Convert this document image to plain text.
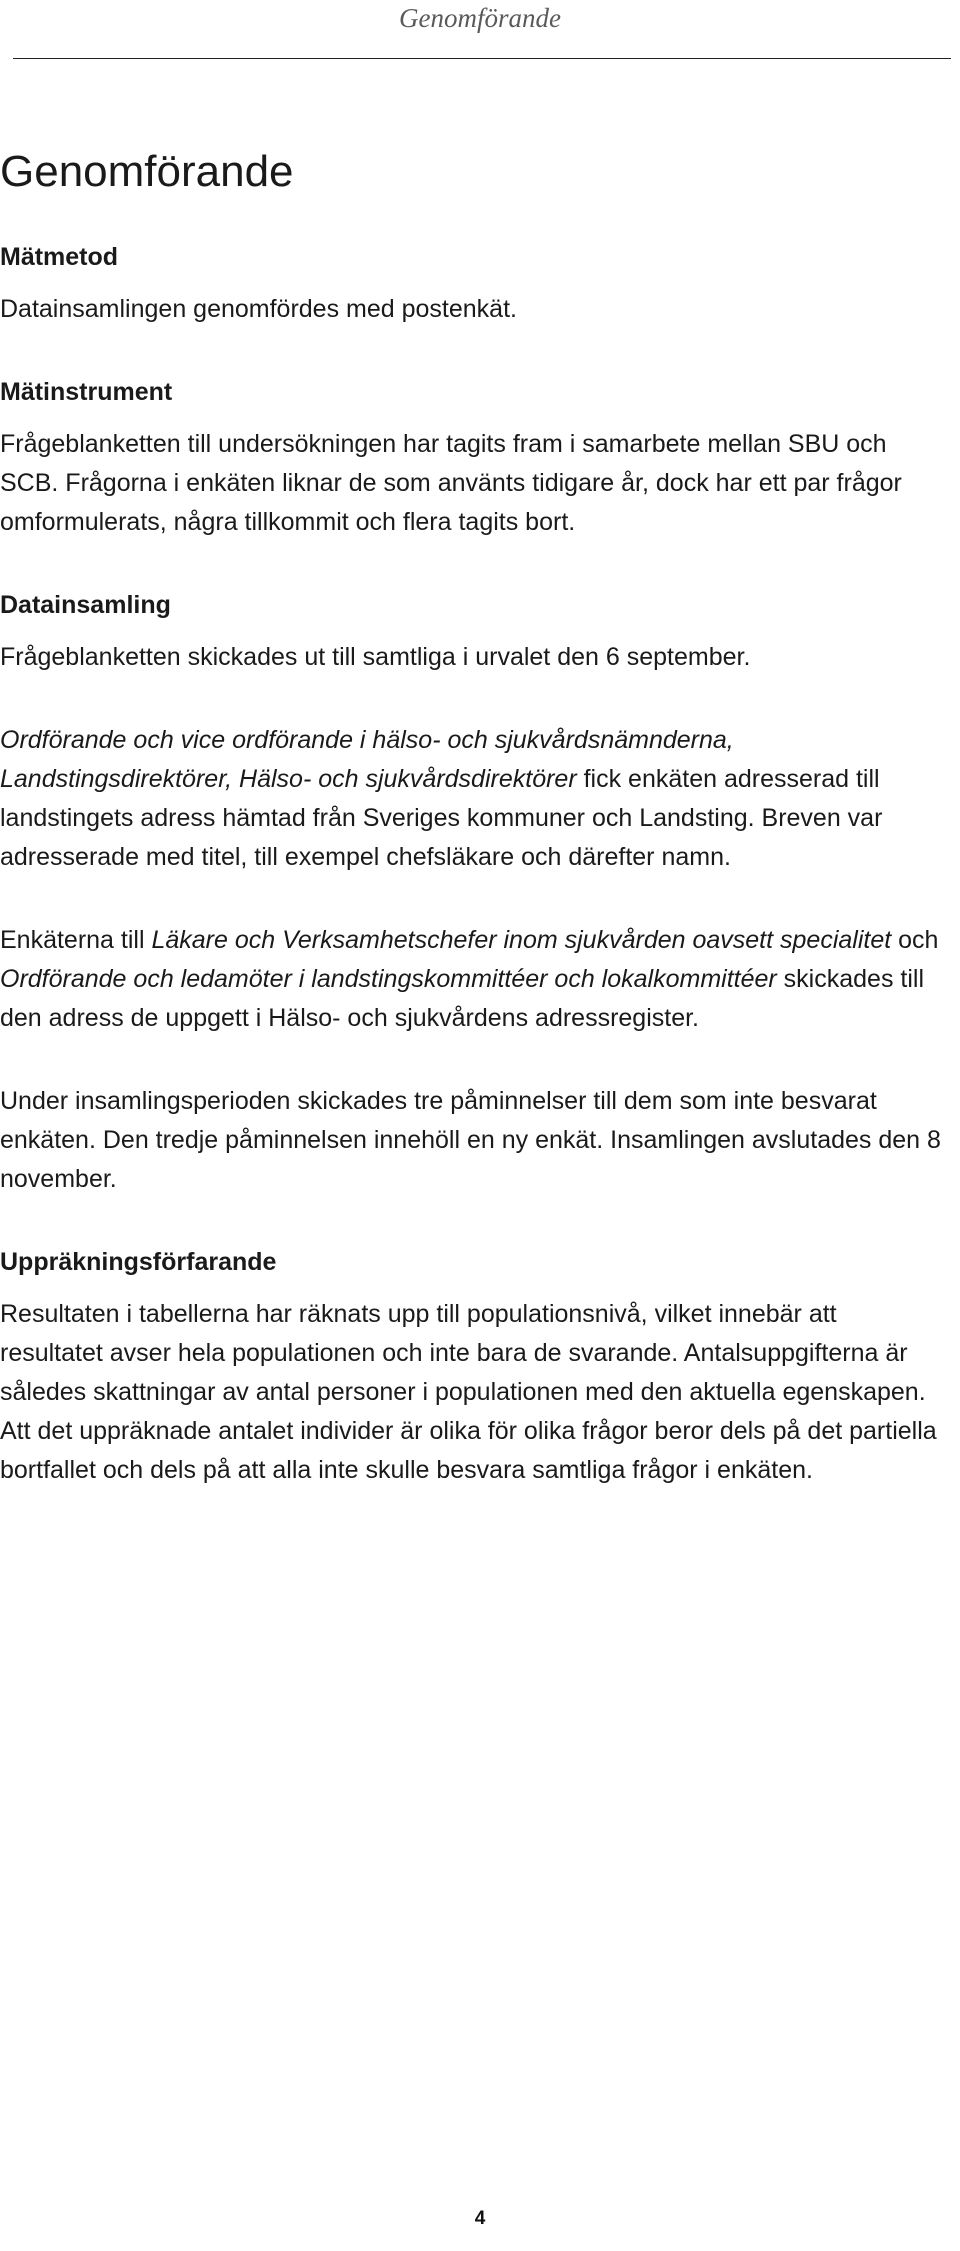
Genomförande
Genomförande
Mätmetod

Datainsamlingen genomfördes med postenkät.

Mätinstrument

Frågeblanketten till undersökningen har tagits fram i samarbete mellan SBU och SCB. Frågorna i enkäten liknar de som använts tidigare år, dock har ett par frågor omformulerats, några tillkommit och flera tagits bort.

Datainsamling

Frågeblanketten skickades ut till samtliga i urvalet den 6 september.

Ordförande och vice ordförande i hälso- och sjukvårdsnämnderna, Landstingsdirektörer, Hälso- och sjukvårdsdirektörer fick enkäten adresserad till landstingets adress hämtad från Sveriges kommuner och Landsting. Breven var adresserade med titel, till exempel chefsläkare och därefter namn.

Enkäterna till Läkare och Verksamhetschefer inom sjukvården oavsett specialitet och Ordförande och ledamöter i landstingskommittéer och lokalkommittéer skickades till den adress de uppgett i Hälso- och sjukvårdens adressregister.

Under insamlingsperioden skickades tre påminnelser till dem som inte besvarat enkäten. Den tredje påminnelsen innehöll en ny enkät. Insamlingen avslutades den 8 november.

Uppräkningsförfarande

Resultaten i tabellerna har räknats upp till populationsnivå, vilket innebär att resultatet avser hela populationen och inte bara de svarande. Antalsuppgifterna är således skattningar av antal personer i populationen med den aktuella egenskapen. Att det uppräknade antalet individer är olika för olika frågor beror dels på det partiella bortfallet och dels på att alla inte skulle besvara samtliga frågor i enkäten.

4
